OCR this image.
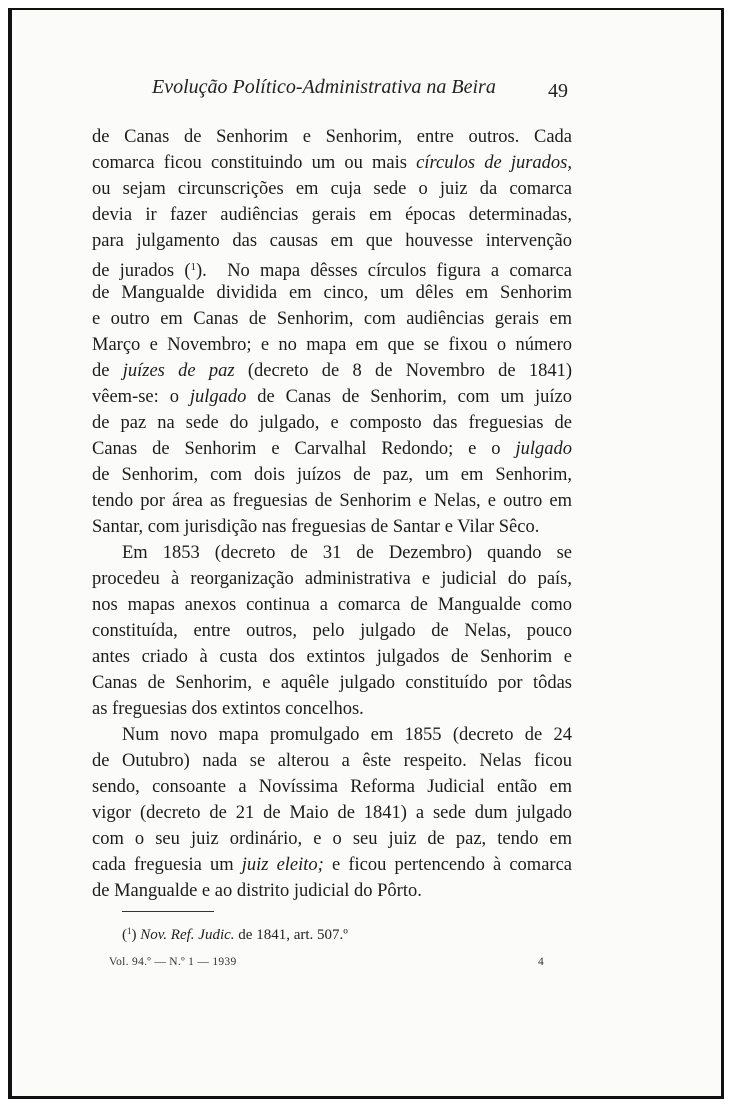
Evolução Político-Administrativa na Beira	49
de Canas de Senhorim e Senhorim, entre outros. Cada
comarca ficou constituindo um ou mais círculos de jurados,
ou sejam circunscrições em cuja sede o juiz da comarca
devia ir fazer audiências gerais em épocas determinadas,
para julgamento das causas em que houvesse intervenção
de jurados ($^1$).  No mapa dêsses círculos figura a comarca
de Mangualde dividida em cinco, um dêles em Senhorim
e outro em Canas de Senhorim, com audiências gerais em
Março e Novembro; e no mapa em que se fixou o número
de juízes de paz (decreto de 8 de Novembro de 1841)
vêem-se: o julgado de Canas de Senhorim, com um juízo
de paz na sede do julgado, e composto das freguesias de
Canas de Senhorim e Carvalhal Redondo; e o julgado
de Senhorim, com dois juízos de paz, um em Senhorim,
tendo por área as freguesias de Senhorim e Nelas, e outro em
Santar, com jurisdição nas freguesias de Santar e Vilar Sêco.
Em 1853 (decreto de 31 de Dezembro) quando se
procedeu à reorganização administrativa e judicial do país,
nos mapas anexos continua a comarca de Mangualde como
constituída, entre outros, pelo julgado de Nelas, pouco
antes criado à custa dos extintos julgados de Senhorim e
Canas de Senhorim, e aquêle julgado constituído por tôdas
as freguesias dos extintos concelhos.
Num novo mapa promulgado em 1855 (decreto de 24
de Outubro) nada se alterou a êste respeito. Nelas ficou
sendo, consoante a Novíssima Reforma Judicial então em
vigor (decreto de 21 de Maio de 1841) a sede dum julgado
com o seu juiz ordinário, e o seu juiz de paz, tendo em
cada freguesia um juiz eleito; e ficou pertencendo à comarca
de Mangualde e ao distrito judicial do Pôrto.
($^1$) Nov. Ref. Judic. de 1841, art. 507.º
Vol. 94.º — N.º 1 — 1939	4
